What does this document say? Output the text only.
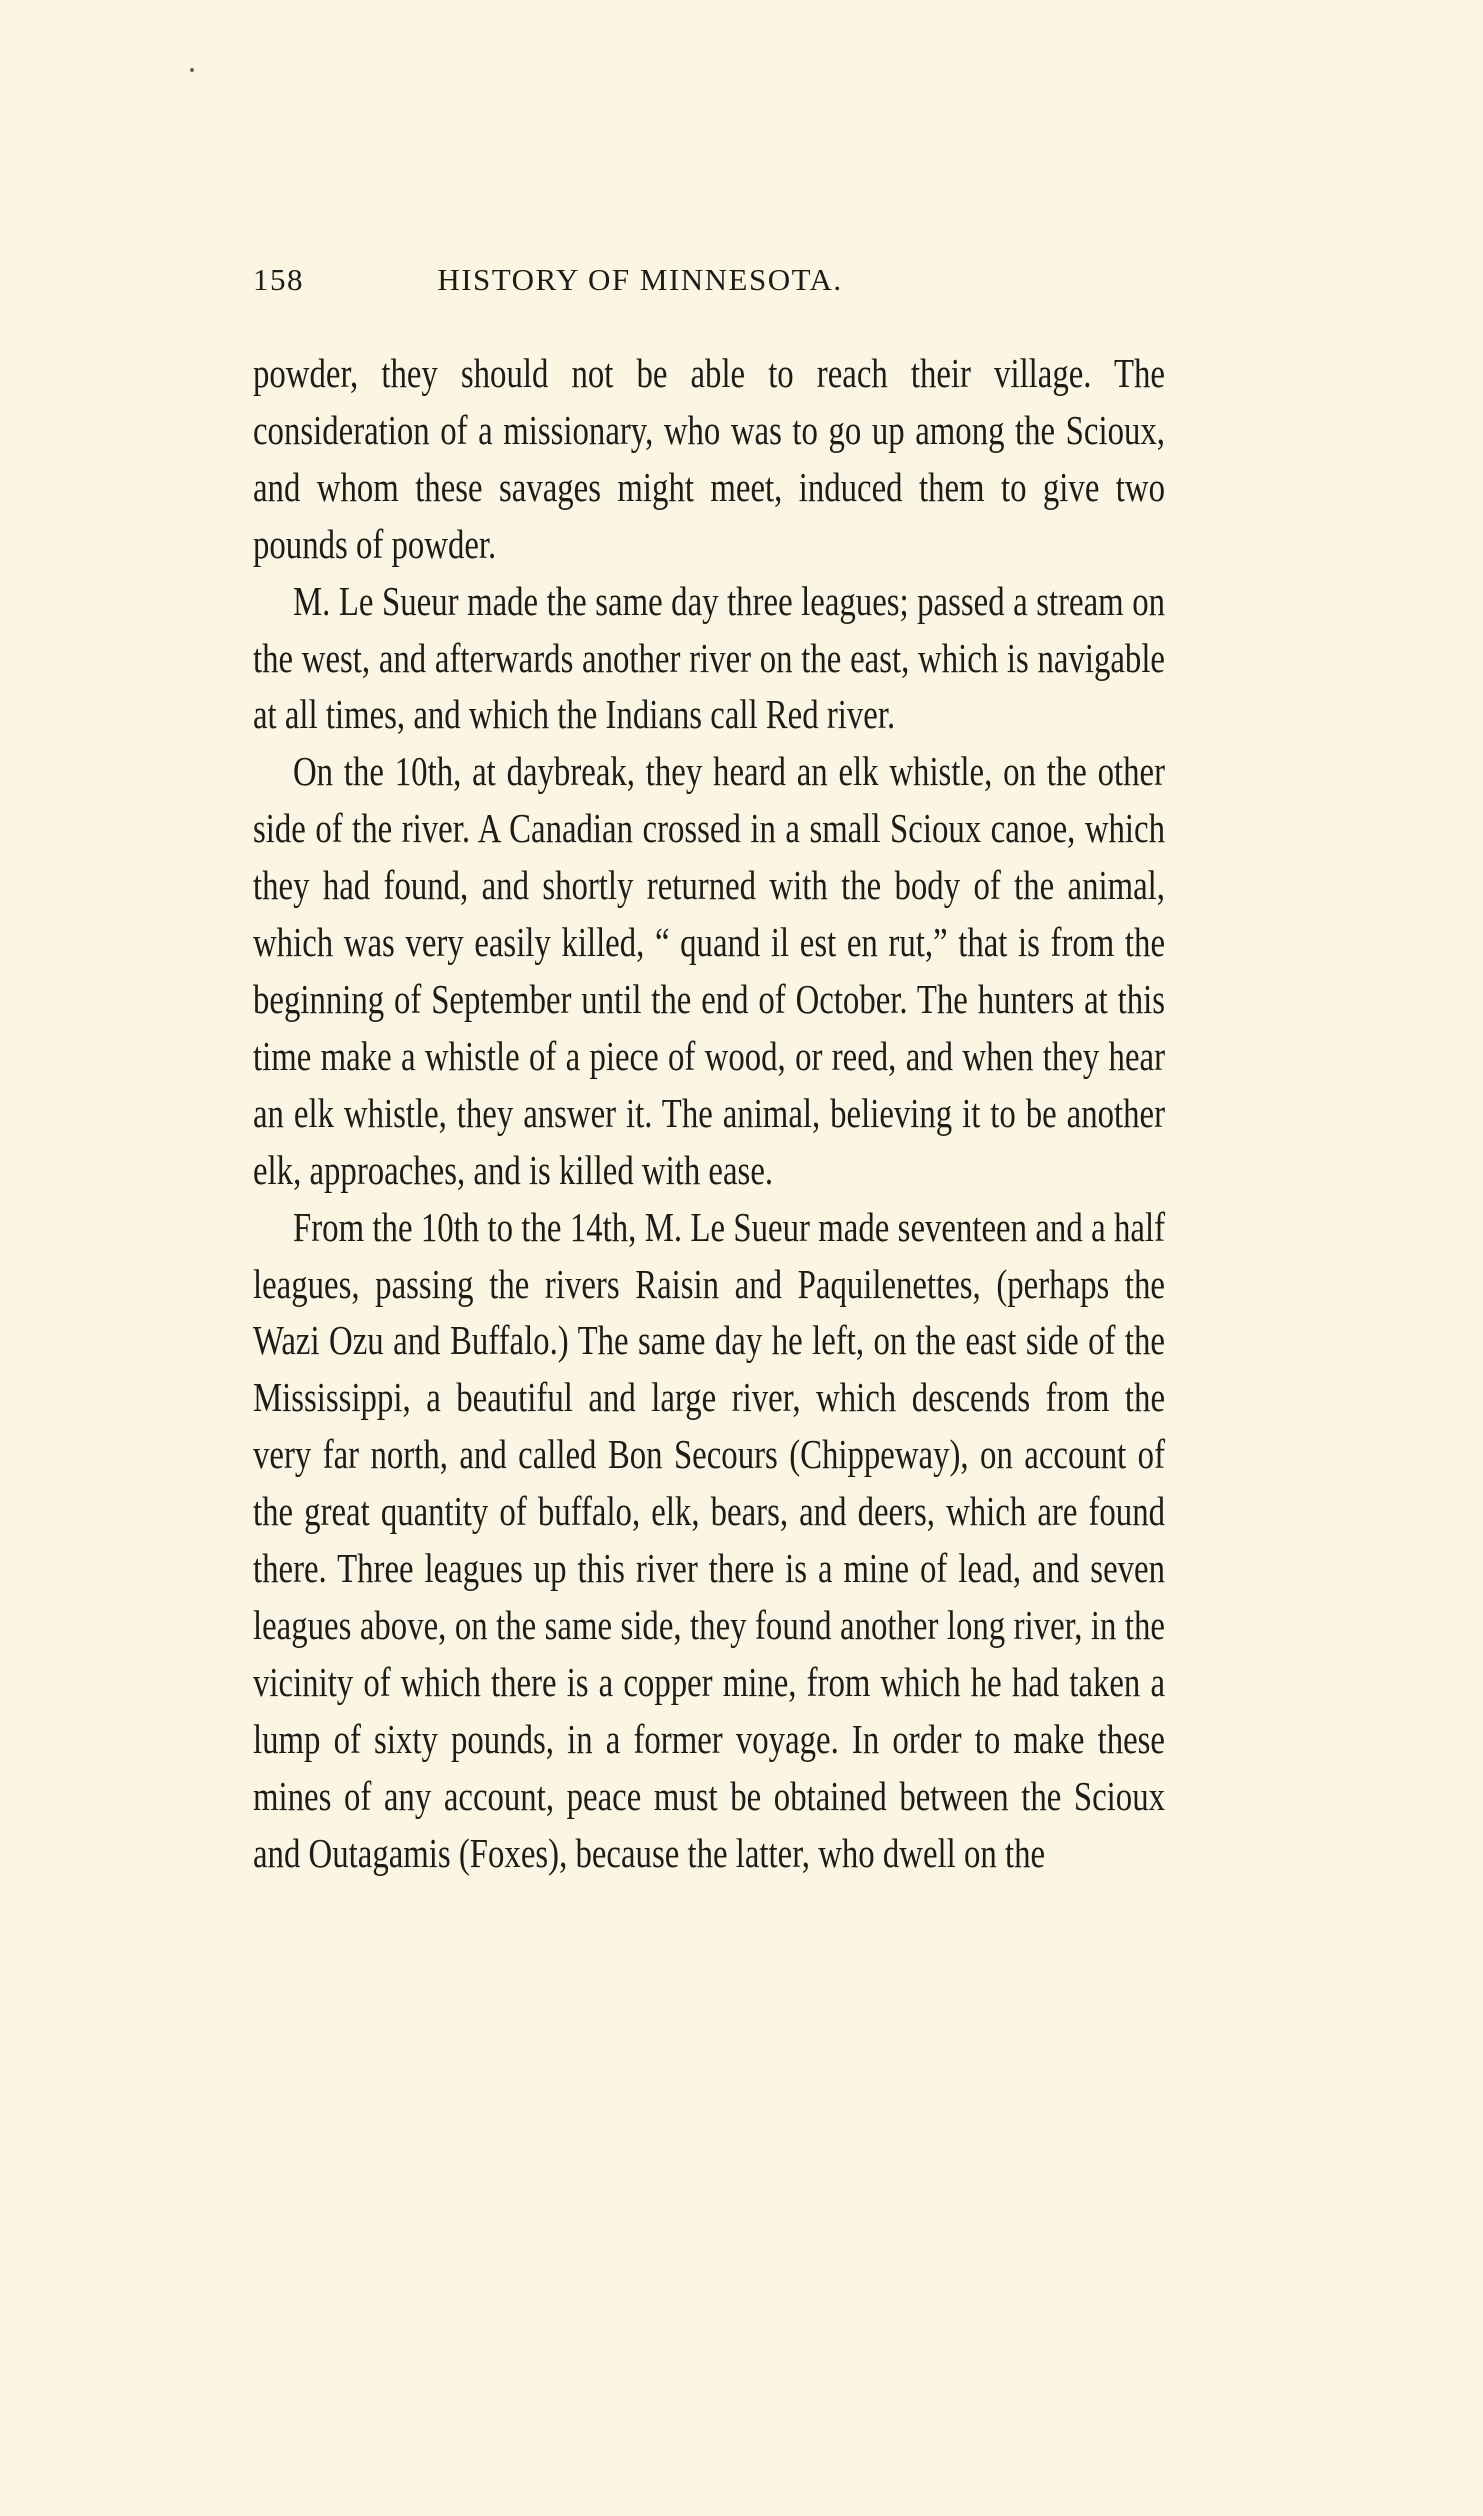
158	HISTORY OF MINNESOTA.

powder, they should not be able to reach their village. The consideration of a missionary, who was to go up among the Scioux, and whom these savages might meet, induced them to give two pounds of powder.

M. Le Sueur made the same day three leagues; passed a stream on the west, and afterwards another river on the east, which is navigable at all times, and which the Indians call Red river.

On the 10th, at daybreak, they heard an elk whistle, on the other side of the river. A Canadian crossed in a small Scioux canoe, which they had found, and shortly returned with the body of the animal, which was very easily killed, “ quand il est en rut,” that is from the beginning of September until the end of October. The hunters at this time make a whistle of a piece of wood, or reed, and when they hear an elk whistle, they answer it. The animal, believing it to be another elk, approaches, and is killed with ease.

From the 10th to the 14th, M. Le Sueur made seventeen and a half leagues, passing the rivers Raisin and Paquilenettes, (perhaps the Wazi Ozu and Buffalo.) The same day he left, on the east side of the Mississippi, a beautiful and large river, which descends from the very far north, and called Bon Secours (Chippeway), on account of the great quantity of buffalo, elk, bears, and deers, which are found there. Three leagues up this river there is a mine of lead, and seven leagues above, on the same side, they found another long river, in the vicinity of which there is a copper mine, from which he had taken a lump of sixty pounds, in a former voyage. In order to make these mines of any account, peace must be obtained between the Scioux and Outagamis (Foxes), because the latter, who dwell on the
